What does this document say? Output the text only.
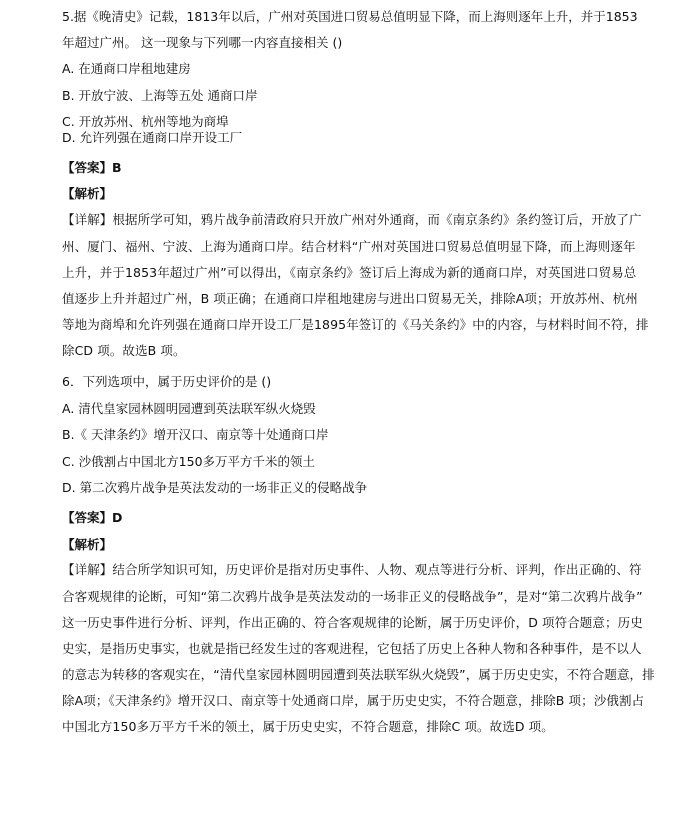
5.据《晚清史》记载，1813年以后，广州对英国进口贸易总值明显下降，而上海则逐年上升，并于1853
年超过广州。 这一现象与下列哪一内容直接相关 ()
A. 在通商口岸租地建房
B. 开放宁波、上海等五处 通商口岸
C. 开放苏州、杭州等地为商埠
D. 允许列强在通商口岸开设工厂
【答案】B
【解析】
【详解】根据所学可知，鸦片战争前清政府只开放广州对外通商，而《南京条约》条约签订后，开放了广
州、厦门、福州、宁波、上海为通商口岸。结合材料“广州对英国进口贸易总值明显下降，而上海则逐年
上升，并于1853年超过广州”可以得出，《南京条约》签订后上海成为新的通商口岸，对英国进口贸易总
值逐步上升并超过广州，B 项正确；在通商口岸租地建房与进出口贸易无关，排除A项；开放苏州、杭州
等地为商埠和允许列强在通商口岸开设工厂是1895年签订的《马关条约》中的内容，与材料时间不符，排
除CD 项。故选B 项。
6．下列选项中，属于历史评价的是 ()
A. 清代皇家园林圆明园遭到英法联军纵火烧毁
B.《 天津条约》增开汉口、南京等十处通商口岸
C. 沙俄割占中国北方150多万平方千米的领土
D. 第二次鸦片战争是英法发动的一场非正义的侵略战争
【答案】D
【解析】
【详解】结合所学知识可知，历史评价是指对历史事件、人物、观点等进行分析、评判，作出正确的、符
合客观规律的论断，可知“第二次鸦片战争是英法发动的一场非正义的侵略战争”，是对“第二次鸦片战争”
这一历史事件进行分析、评判，作出正确的、符合客观规律的论断，属于历史评价，D 项符合题意；历史
史实，是指历史事实，也就是指已经发生过的客观进程，它包括了历史上各种人物和各种事件，是不以人
的意志为转移的客观实在，“清代皇家园林圆明园遭到英法联军纵火烧毁”，属于历史史实，不符合题意，排
除A项；《天津条约》增开汉口、南京等十处通商口岸，属于历史史实，不符合题意，排除B 项；沙俄割占
中国北方150多万平方千米的领土，属于历史史实，不符合题意，排除C 项。故选D 项。
